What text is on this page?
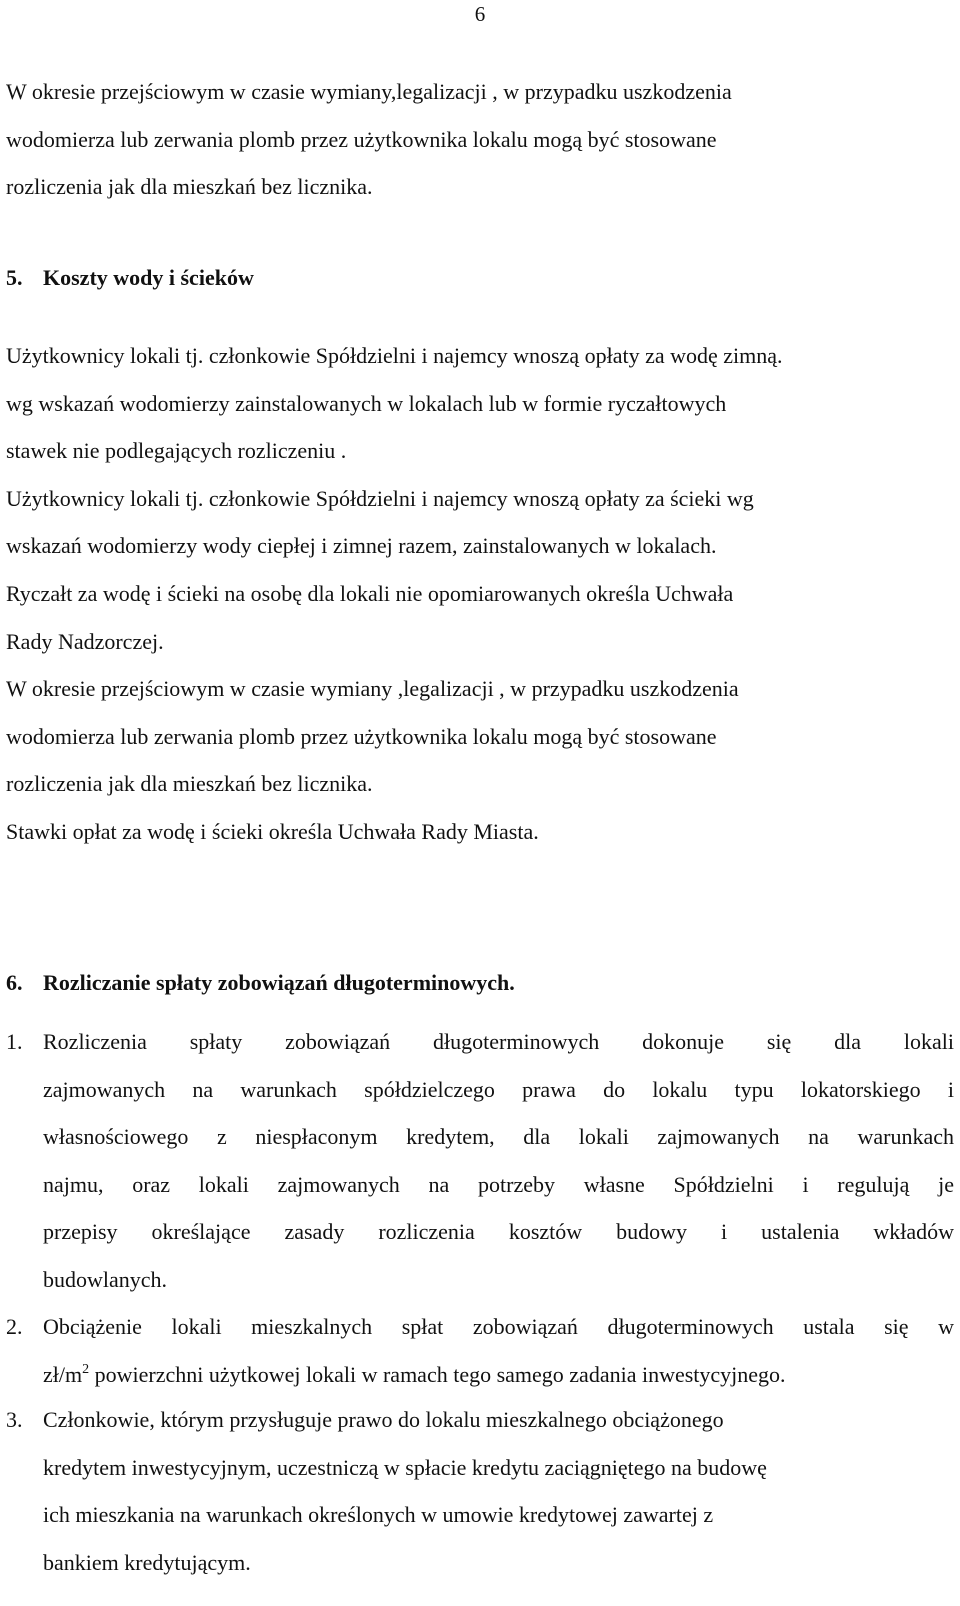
6
W okresie przejściowym w czasie wymiany,legalizacji , w przypadku uszkodzenia
wodomierza lub zerwania plomb przez użytkownika lokalu mogą być stosowane
rozliczenia jak dla mieszkań bez licznika.
5. Koszty wody i ścieków
Użytkownicy lokali tj. członkowie Spółdzielni i najemcy wnoszą opłaty za wodę zimną.
wg wskazań wodomierzy zainstalowanych w lokalach lub w formie ryczałtowych
stawek nie podlegających rozliczeniu .
Użytkownicy lokali tj. członkowie Spółdzielni i najemcy wnoszą opłaty za ścieki wg
wskazań wodomierzy wody ciepłej i zimnej razem, zainstalowanych w lokalach.
Ryczałt za wodę i ścieki na osobę dla lokali nie opomiarowanych określa Uchwała
Rady Nadzorczej.
W okresie przejściowym w czasie wymiany ,legalizacji , w przypadku uszkodzenia
wodomierza lub zerwania plomb przez użytkownika lokalu mogą być stosowane
rozliczenia jak dla mieszkań bez licznika.
Stawki opłat za wodę i ścieki określa Uchwała Rady Miasta.
6. Rozliczanie spłaty zobowiązań długoterminowych.
1. Rozliczenia spłaty zobowiązań długoterminowych dokonuje się dla lokali
zajmowanych na warunkach spółdzielczego prawa do lokalu typu lokatorskiego i
własnościowego z niespłaconym kredytem, dla lokali zajmowanych na warunkach
najmu, oraz lokali zajmowanych na potrzeby własne Spółdzielni i regulują je
przepisy określające zasady rozliczenia kosztów budowy i ustalenia wkładów
budowlanych.
2. Obciążenie lokali mieszkalnych spłat zobowiązań długoterminowych ustala się w
$zł/m^2$ powierzchni użytkowej lokali w ramach tego samego zadania inwestycyjnego.
3. Członkowie, którym przysługuje prawo do lokalu mieszkalnego obciążonego
kredytem inwestycyjnym, uczestniczą w spłacie kredytu zaciągniętego na budowę
ich mieszkania na warunkach określonych w umowie kredytowej zawartej z
bankiem kredytującym.
